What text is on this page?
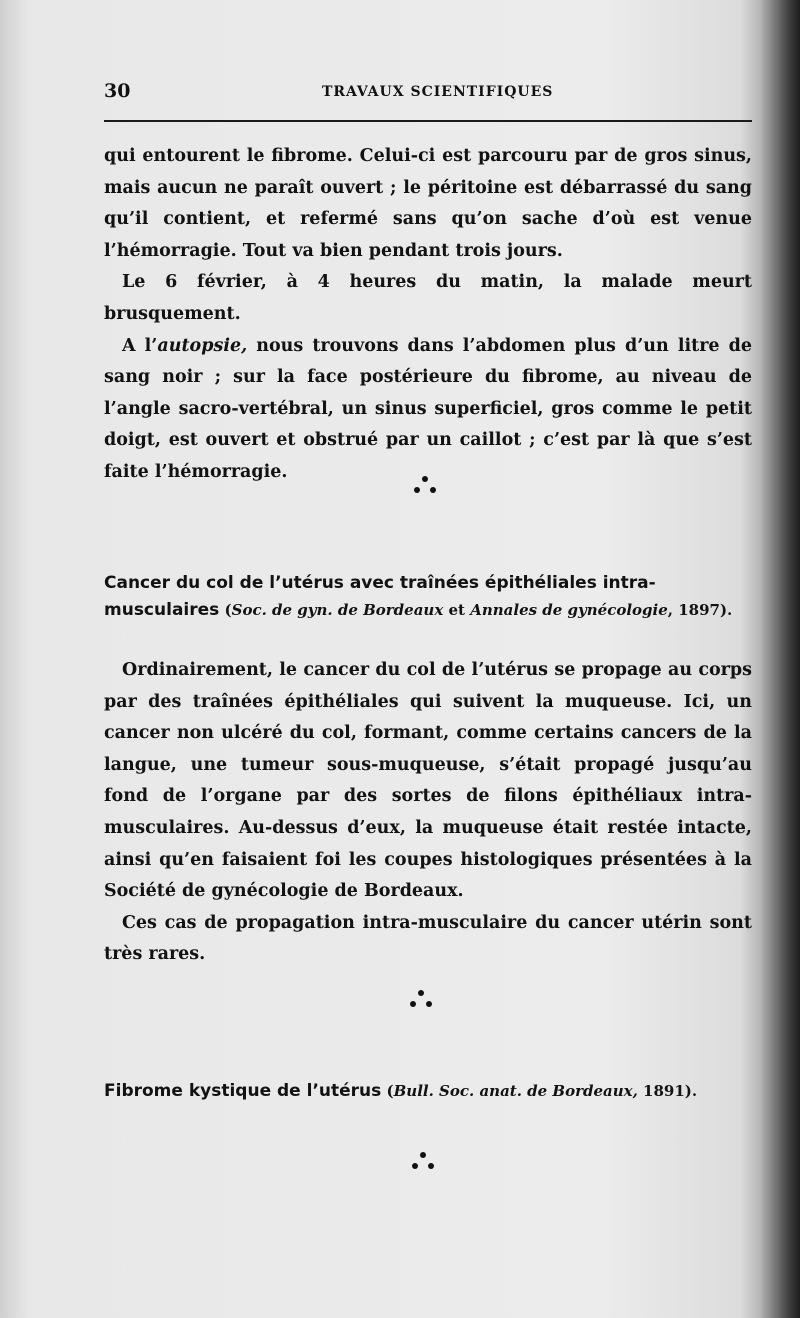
30	TRAVAUX SCIENTIFIQUES

qui entourent le fibrome. Celui-ci est parcouru par de gros sinus, mais aucun ne paraît ouvert ; le péritoine est débarrassé du sang qu’il contient, et refermé sans qu’on sache d’où est venue l’hémorragie. Tout va bien pendant trois jours.

Le 6 février, à 4 heures du matin, la malade meurt brusquement.

A l’autopsie, nous trouvons dans l’abdomen plus d’un litre de sang noir ; sur la face postérieure du fibrome, au niveau de l’angle sacro-vertébral, un sinus superficiel, gros comme le petit doigt, est ouvert et obstrué par un caillot ; c’est par là que s’est faite l’hémorragie.

Cancer du col de l’utérus avec traînées épithéliales intra-musculaires (Soc. de gyn. de Bordeaux et Annales de gynécologie, 1897).

Ordinairement, le cancer du col de l’utérus se propage au corps par des traînées épithéliales qui suivent la muqueuse. Ici, un cancer non ulcéré du col, formant, comme certains cancers de la langue, une tumeur sous-muqueuse, s’était propagé jusqu’au fond de l’organe par des sortes de filons épithéliaux intra-musculaires. Au-dessus d’eux, la muqueuse était restée intacte, ainsi qu’en faisaient foi les coupes histologiques présentées à la Société de gynécologie de Bordeaux.

Ces cas de propagation intra-musculaire du cancer utérin sont très rares.

Fibrome kystique de l’utérus (Bull. Soc. anat. de Bordeaux, 1891).
